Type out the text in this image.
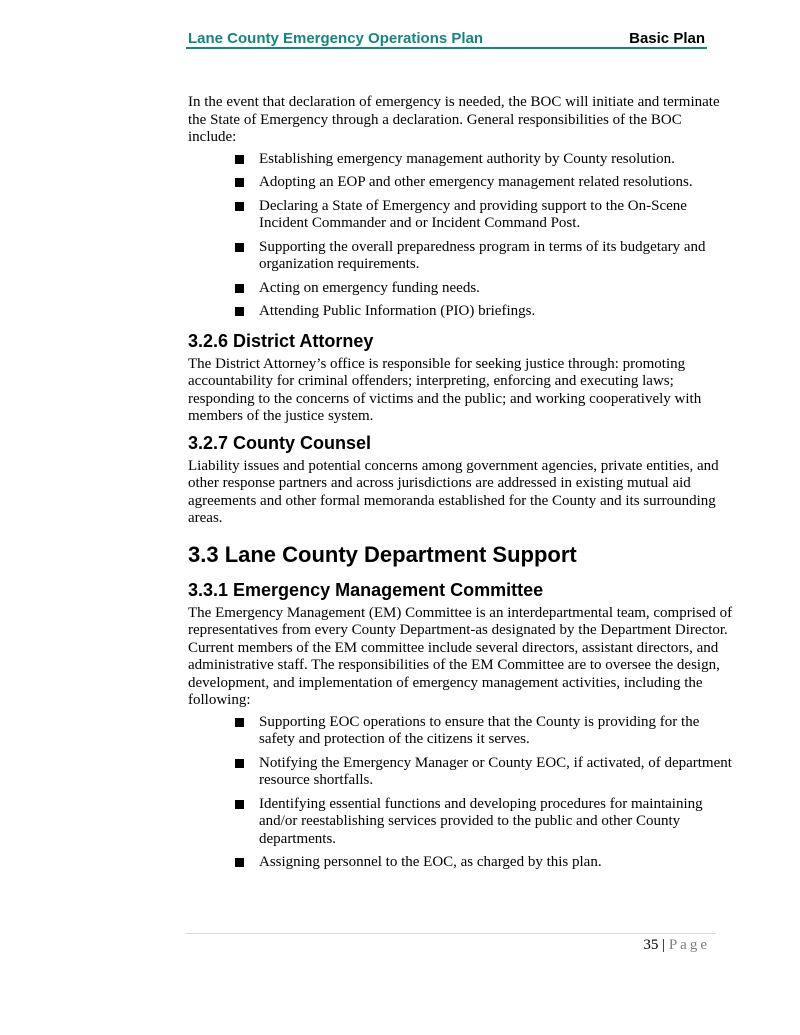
Lane County Emergency Operations Plan	Basic Plan

In the event that declaration of emergency is needed, the BOC will initiate and terminate the State of Emergency through a declaration. General responsibilities of the BOC include:

Establishing emergency management authority by County resolution.
Adopting an EOP and other emergency management related resolutions.
Declaring a State of Emergency and providing support to the On-Scene Incident Commander and or Incident Command Post.
Supporting the overall preparedness program in terms of its budgetary and organization requirements.
Acting on emergency funding needs.
Attending Public Information (PIO) briefings.
3.2.6 District Attorney

The District Attorney’s office is responsible for seeking justice through: promoting accountability for criminal offenders; interpreting, enforcing and executing laws; responding to the concerns of victims and the public; and working cooperatively with members of the justice system.

3.2.7 County Counsel

Liability issues and potential concerns among government agencies, private entities, and other response partners and across jurisdictions are addressed in existing mutual aid agreements and other formal memoranda established for the County and its surrounding areas.

3.3 Lane County Department Support
3.3.1 Emergency Management Committee

The Emergency Management (EM) Committee is an interdepartmental team, comprised of representatives from every County Department-as designated by the Department Director. Current members of the EM committee include several directors, assistant directors, and administrative staff. The responsibilities of the EM Committee are to oversee the design, development, and implementation of emergency management activities, including the following:

Supporting EOC operations to ensure that the County is providing for the safety and protection of the citizens it serves.
Notifying the Emergency Manager or County EOC, if activated, of department resource shortfalls.
Identifying essential functions and developing procedures for maintaining and/or reestablishing services provided to the public and other County departments.
Assigning personnel to the EOC, as charged by this plan.
35 | Page
